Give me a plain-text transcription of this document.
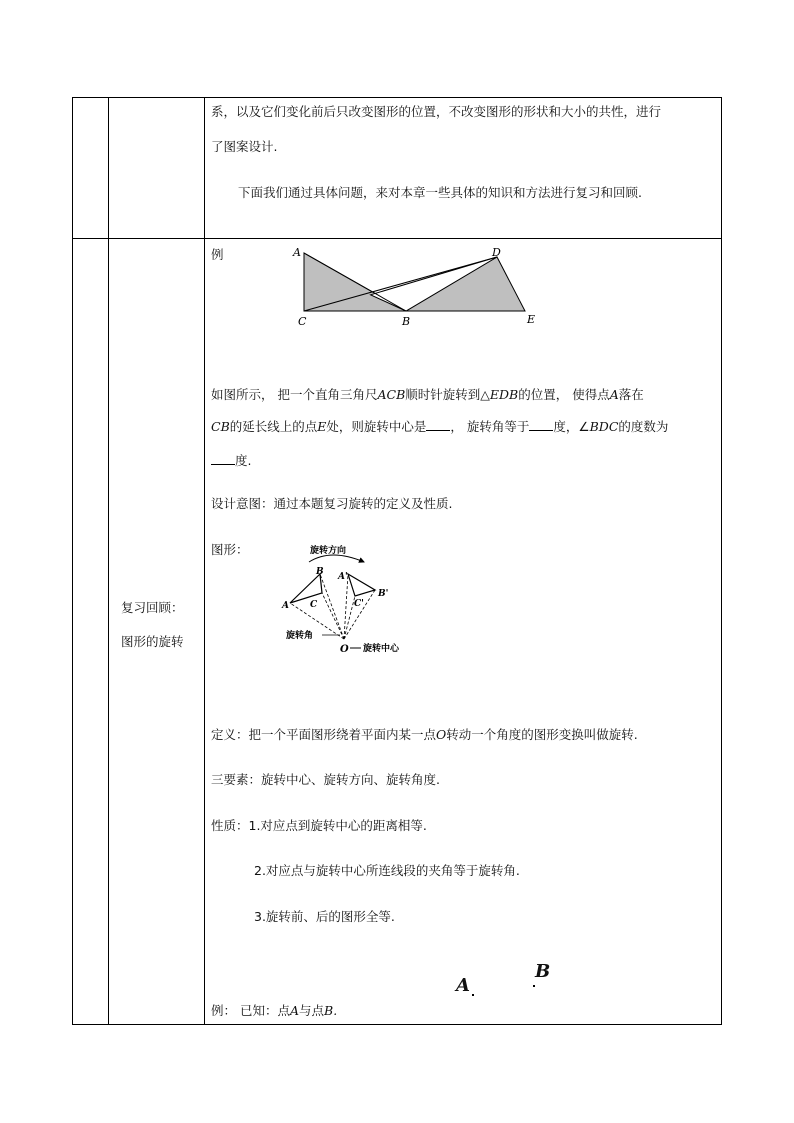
系，以及它们变化前后只改变图形的位置，不改变图形的形状和大小的共性，进行
了图案设计.
下面我们通过具体问题，来对本章一些具体的知识和方法进行复习和回顾.
复习回顾：
图形的旋转
例	A
C	B
D
E
如图所示， 把一个直角三角尺ACB顺时针旋转到△EDB的位置， 使得点A落在
CB的延长线上的点E处，则旋转中心是 ， 旋转角等于 度，∠BDC的度数为
度.
设计意图：通过本题复习旋转的定义及性质.
图形：	旋转方向
B
A C
A'
B'
C'
旋转角
O 旋转中心
定义：把一个平面图形绕着平面内某一点O转动一个角度的图形变换叫做旋转.
三要素：旋转中心、旋转方向、旋转角度.
性质：1.对应点到旋转中心的距离相等.
2.对应点与旋转中心所连线段的夹角等于旋转角.
3.旋转前、后的图形全等.
A
B
例： 已知：点A与点B.
